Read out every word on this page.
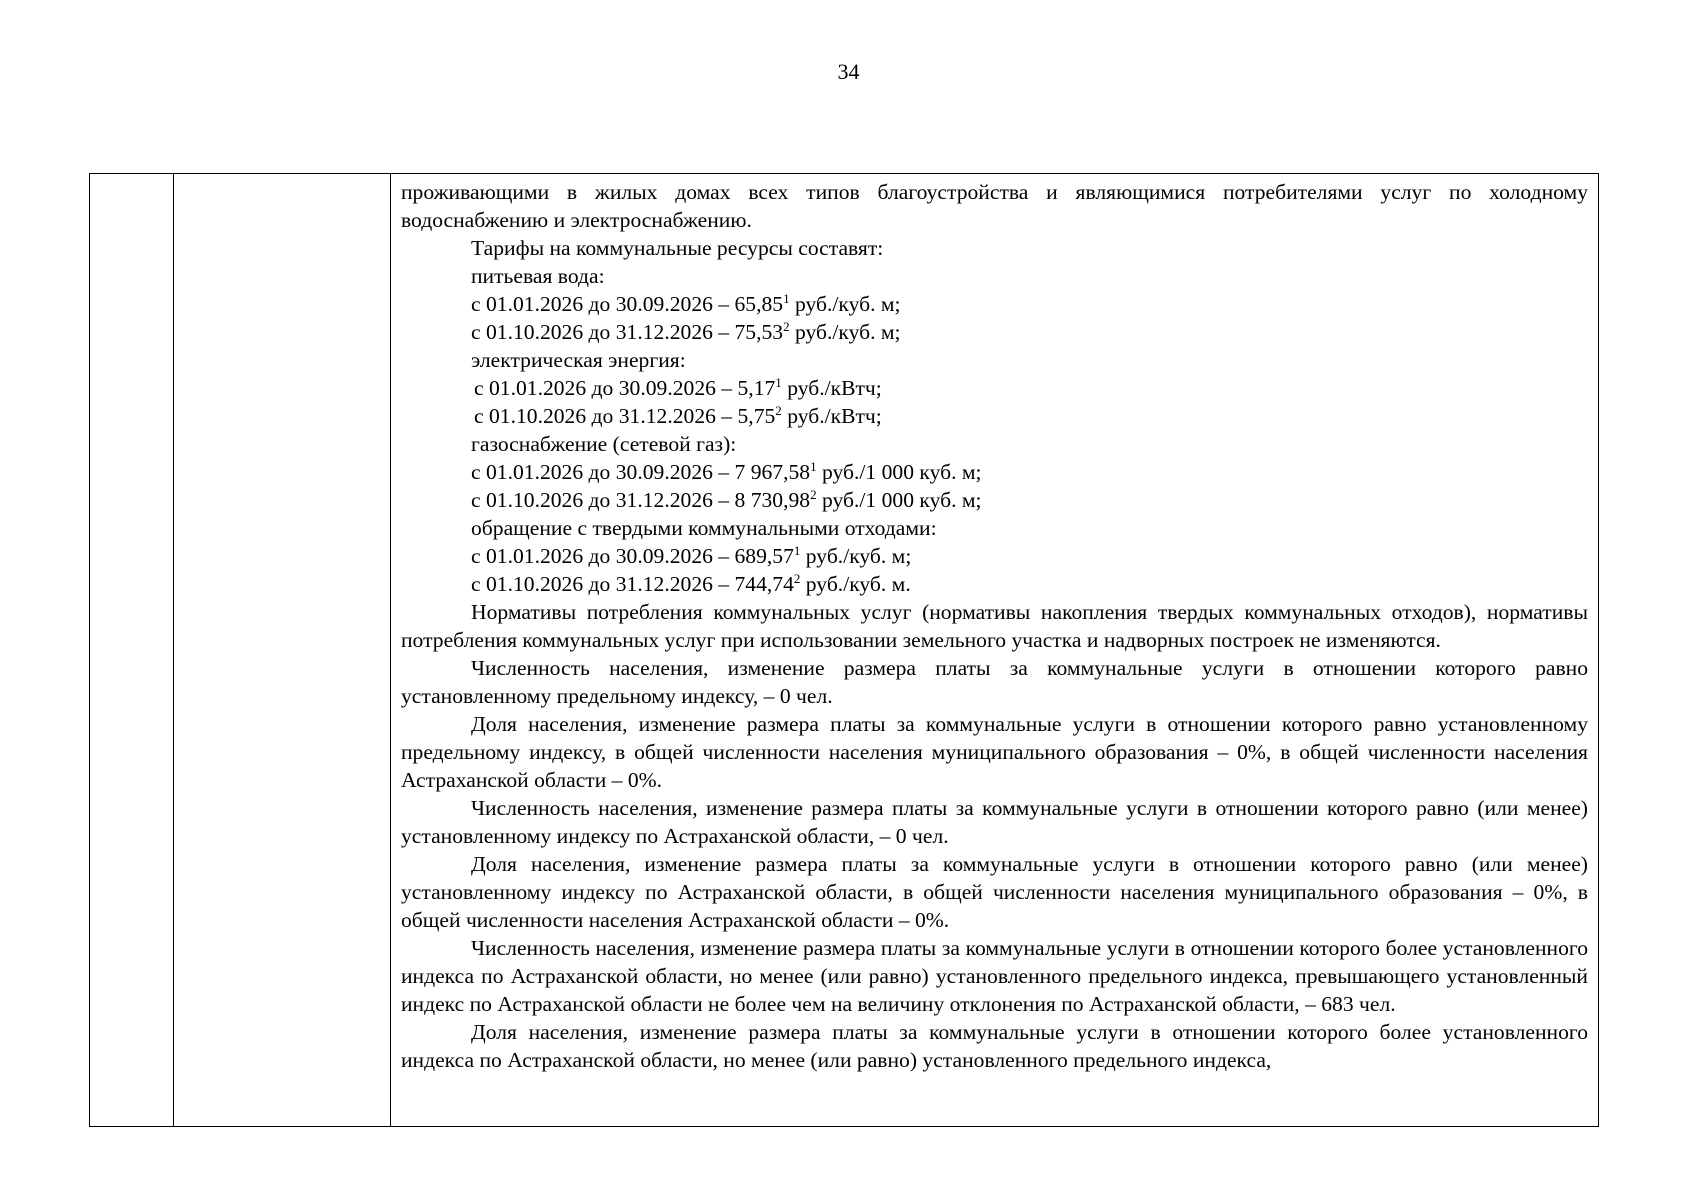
34

проживающими в жилых домах всех типов благоустройства и являющимися потребителями услуг по холодному водоснабжению и электроснабжению.

Тарифы на коммунальные ресурсы составят:

питьевая вода:

с 01.01.2026 до 30.09.2026 – 65,85$^1$ руб./куб. м;

с 01.10.2026 до 31.12.2026 – 75,53$^2$ руб./куб. м;

электрическая энергия:

с 01.01.2026 до 30.09.2026 – 5,17$^1$ руб./кВтч;

с 01.10.2026 до 31.12.2026 – 5,75$^2$ руб./кВтч;

газоснабжение (сетевой газ):

с 01.01.2026 до 30.09.2026 – 7 967,58$^1$ руб./1 000 куб. м;

с 01.10.2026 до 31.12.2026 – 8 730,98$^2$ руб./1 000 куб. м;

обращение с твердыми коммунальными отходами:

с 01.01.2026 до 30.09.2026 – 689,57$^1$ руб./куб. м;

с 01.10.2026 до 31.12.2026 – 744,74$^2$ руб./куб. м.

Нормативы потребления коммунальных услуг (нормативы накопления твердых коммунальных отходов), нормативы потребления коммунальных услуг при использовании земельного участка и надворных построек не изменяются.

Численность населения, изменение размера платы за коммунальные услуги в отношении которого равно установленному предельному индексу, – 0 чел.

Доля населения, изменение размера платы за коммунальные услуги в отношении которого равно установленному предельному индексу, в общей численности населения муниципального образования – 0%, в общей численности населения Астраханской области – 0%.

Численность населения, изменение размера платы за коммунальные услуги в отношении которого равно (или менее) установленному индексу по Астраханской области, – 0 чел.

Доля населения, изменение размера платы за коммунальные услуги в отношении которого равно (или менее) установленному индексу по Астраханской области, в общей численности населения муниципального образования – 0%, в общей численности населения Астраханской области – 0%.

Численность населения, изменение размера платы за коммунальные услуги в отношении которого более установленного индекса по Астраханской области, но менее (или равно) установленного предельного индекса, превышающего установленный индекс по Астраханской области не более чем на величину отклонения по Астраханской области, – 683 чел.

Доля населения, изменение размера платы за коммунальные услуги в отношении которого более установленного индекса по Астраханской области, но менее (или равно) установленного предельного индекса,
